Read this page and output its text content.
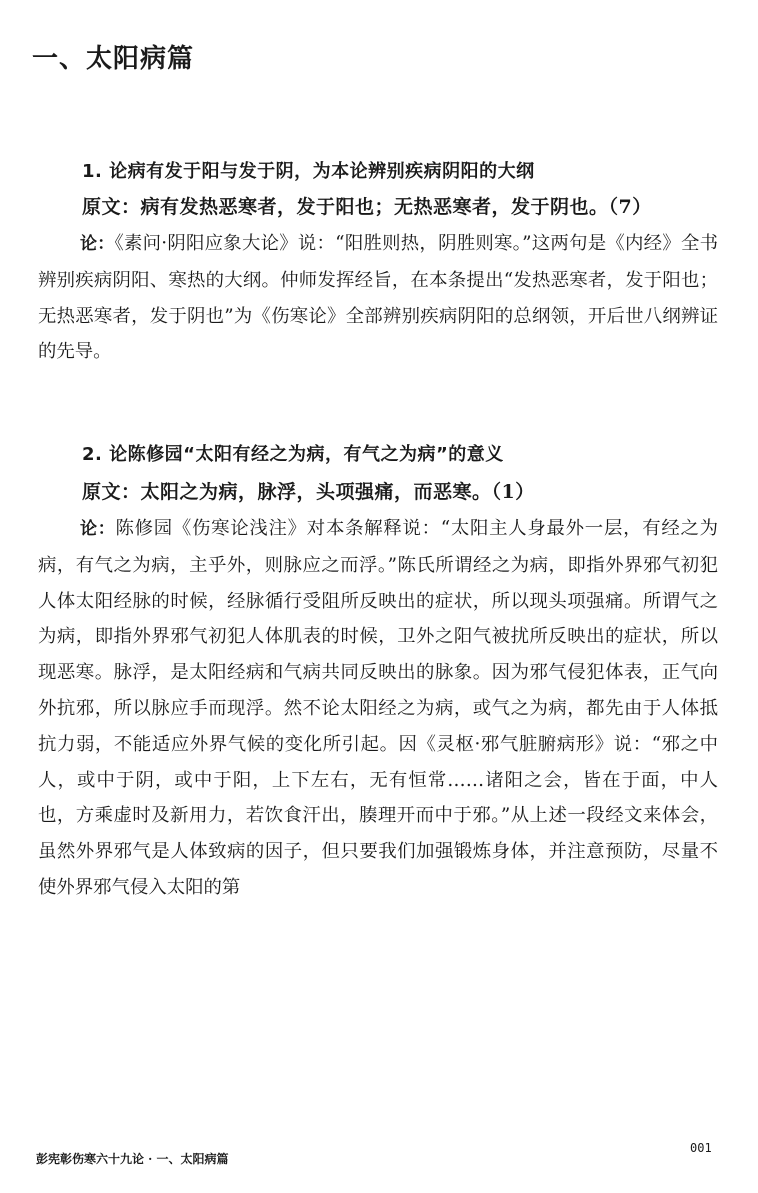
一、太阳病篇
1. 论病有发于阳与发于阴，为本论辨别疾病阴阳的大纲
原文：病有发热恶寒者，发于阳也；无热恶寒者，发于阴也。（7）

论：《素问·阴阳应象大论》说：“阳胜则热，阴胜则寒。”这两句是《内经》全书辨别疾病阴阳、寒热的大纲。仲师发挥经旨，在本条提出“发热恶寒者，发于阳也；无热恶寒者，发于阴也”为《伤寒论》全部辨别疾病阴阳的总纲领，开后世八纲辨证的先导。

2. 论陈修园“太阳有经之为病，有气之为病”的意义
原文：太阳之为病，脉浮，头项强痛，而恶寒。（1）

论：陈修园《伤寒论浅注》对本条解释说：“太阳主人身最外一层，有经之为病，有气之为病，主乎外，则脉应之而浮。”陈氏所谓经之为病，即指外界邪气初犯人体太阳经脉的时候，经脉循行受阻所反映出的症状，所以现头项强痛。所谓气之为病，即指外界邪气初犯人体肌表的时候，卫外之阳气被扰所反映出的症状，所以现恶寒。脉浮，是太阳经病和气病共同反映出的脉象。因为邪气侵犯体表，正气向外抗邪，所以脉应手而现浮。然不论太阳经之为病，或气之为病，都先由于人体抵抗力弱，不能适应外界气候的变化所引起。因《灵枢·邪气脏腑病形》说：“邪之中人，或中于阴，或中于阳，上下左右，无有恒常……诸阳之会，皆在于面，中人也，方乘虚时及新用力，若饮食汗出，腠理开而中于邪。”从上述一段经文来体会，虽然外界邪气是人体致病的因子，但只要我们加强锻炼身体，并注意预防，尽量不使外界邪气侵入太阳的第

彭宪彰伤寒六十九论 · 一、太阳病篇
001
